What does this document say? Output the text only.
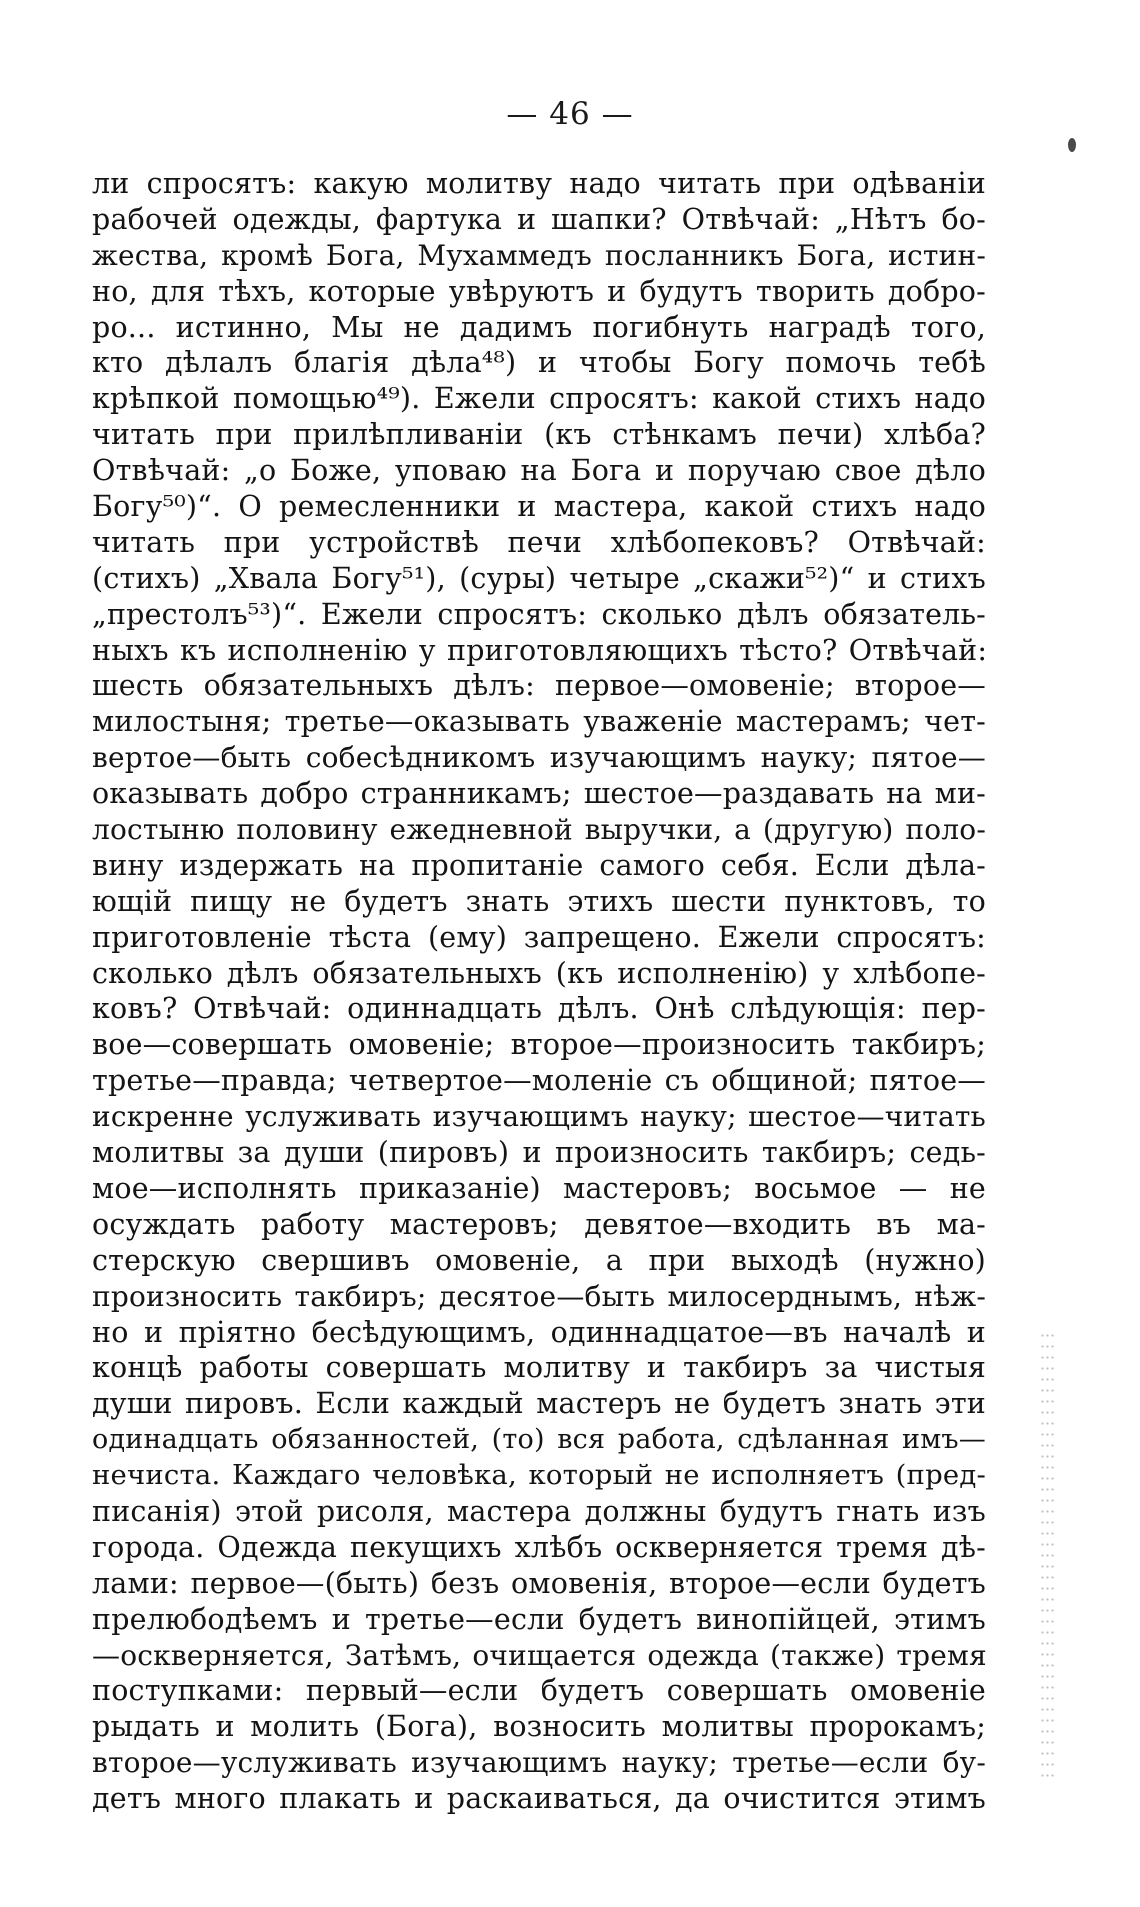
— 46 —
ли спросятъ: какую молитву надо читать при одѣваніи
рабочей одежды, фартука и шапки? Отвѣчай: „Нѣтъ бо-
жества, кромѣ Бога, Мухаммедъ посланникъ Бога, истин-
но, для тѣхъ, которые увѣруютъ и будутъ творить добро-
ро... истинно, Мы не дадимъ погибнуть наградѣ того,
кто дѣлалъ благія дѣла⁴⁸) и чтобы Богу помочь тебѣ
крѣпкой помощью⁴⁹). Ежели спросятъ: какой стихъ надо
читать при прилѣпливаніи (къ стѣнкамъ печи) хлѣба?
Отвѣчай: „о Боже, уповаю на Бога и поручаю свое дѣло
Богу⁵⁰)“. О ремесленники и мастера, какой стихъ надо
читать при устройствѣ печи хлѣбопековъ? Отвѣчай:
(стихъ) „Хвала Богу⁵¹), (суры) четыре „скажи⁵²)“ и стихъ
„престолъ⁵³)“. Ежели спросятъ: сколько дѣлъ обязатель-
ныхъ къ исполненію у приготовляющихъ тѣсто? Отвѣчай:
шесть обязательныхъ дѣлъ: первое—омовеніе; второе—
милостыня; третье—оказывать уваженіе мастерамъ; чет-
вертое—быть собесѣдникомъ изучающимъ науку; пятое—
оказывать добро странникамъ; шестое—раздавать на ми-
лостыню половину ежедневной выручки, а (другую) поло-
вину издержать на пропитаніе самого себя. Если дѣла-
ющій пищу не будетъ знать этихъ шести пунктовъ, то
приготовленіе тѣста (ему) запрещено. Ежели спросятъ:
сколько дѣлъ обязательныхъ (къ исполненію) у хлѣбопе-
ковъ? Отвѣчай: одиннадцать дѣлъ. Онѣ слѣдующія: пер-
вое—совершать омовеніе; второе—произносить такбиръ;
третье—правда; четвертое—моленіе съ общиной; пятое—
искренне услуживать изучающимъ науку; шестое—читать
молитвы за души (пировъ) и произносить такбиръ; седь-
мое—исполнять приказаніе) мастеровъ; восьмое — не
осуждать работу мастеровъ; девятое—входить въ ма-
стерскую свершивъ омовеніе, а при выходѣ (нужно)
произносить такбиръ; десятое—быть милосерднымъ, нѣж-
но и пріятно бесѣдующимъ, одиннадцатое—въ началѣ и
концѣ работы совершать молитву и такбиръ за чистыя
души пировъ. Если каждый мастеръ не будетъ знать эти
одинадцать обязанностей, (то) вся работа, сдѣланная имъ—
нечиста. Каждаго человѣка, который не исполняетъ (пред-
писанія) этой рисоля, мастера должны будутъ гнать изъ
города. Одежда пекущихъ хлѣбъ оскверняется тремя дѣ-
лами: первое—(быть) безъ омовенія, второе—если будетъ
прелюбодѣемъ и третье—если будетъ винопійцей, этимъ
—оскверняется, Затѣмъ, очищается одежда (также) тремя
поступками: первый—если будетъ совершать омовеніе
рыдать и молить (Бога), возносить молитвы пророкамъ;
второе—услуживать изучающимъ науку; третье—если бу-
детъ много плакать и раскаиваться, да очистится этимъ
